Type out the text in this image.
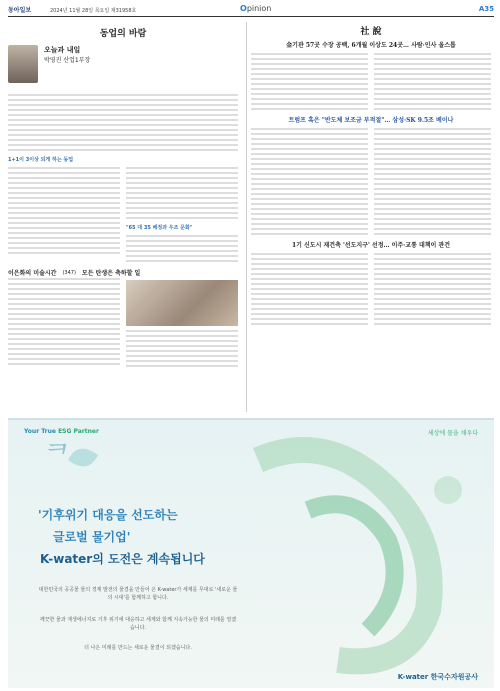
동아일보	2024년 11월 28일 목요일 제31958호	Opinion	A35
동업의 바람
오늘과 내일
박영진 산업1부장
1+1이 3이상 되게 하는 동업
"65 대 35 배정과 우조 문화"
이은화의 미술시간 (347) 모든 탄생은 축하할 일
社 說
金기관 57곳 수장 공백, 6개월 이상도 24곳… 사람·인사 올스톱
트럼프 혹은 "반도체 보조금 부적절"… 삼성·SK 9.5조 베이나
1기 신도시 재건축 '선도지구' 선정… 이주·교통 대책이 관건
ᄏ
Your True ESG Partner	세상에 물을 채우다
'기후위기 대응을 선도하는
글로벌 물기업'
K-water의 도전은 계속됩니다
대한민국의 공공물 물의 경제 발전의 물결을 만들어 온 K-water가 세계를 무대로 '새로운 물의 시대'를 함께하고 합니다.
깨끗한 물과 재생에너지로 기후 위기에 대응하고 세계와 함께 지속가능한 물의 미래를 열겠습니다.
더 나은 미래를 만드는 새로운 물결이 되겠습니다.
K-water 한국수자원공사
